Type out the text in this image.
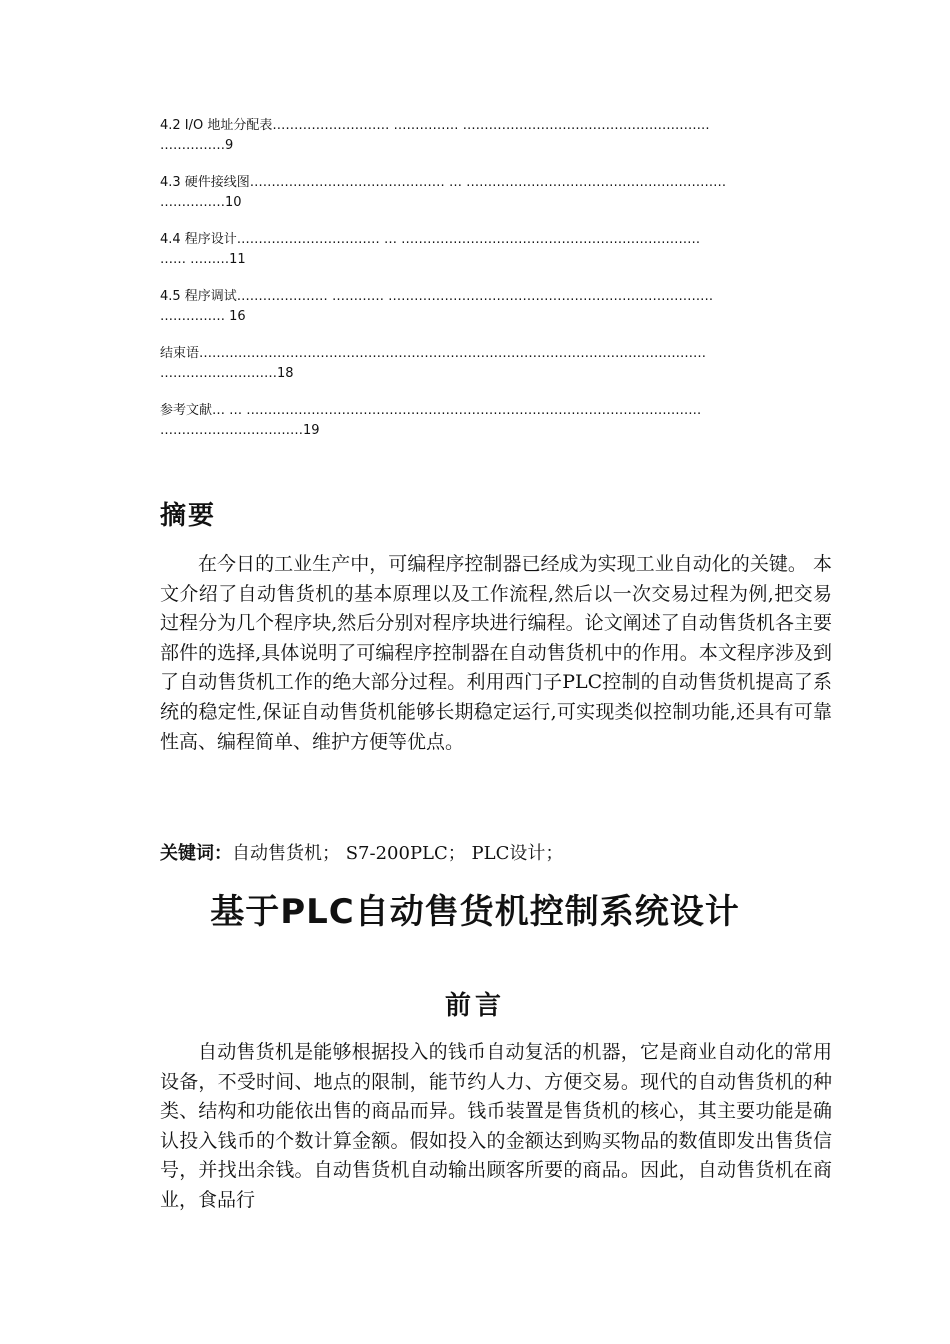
4.2 I/O 地址分配表……………………… …………… …………………………………………………
……………9
4.3 硬件接线图……………………………………… … ……………………………………………………
……………10
4.4 程序设计…………………………… … ……………………………………………………………
…… ………11
4.5 程序调试………………… ………… …………………………………………………………………
…………… 16
结束语………………………………………………………………………………………………………
………………………18
参考文献… … ……………………………………………………………………………………………
……………………………19
摘要
在今日的工业生产中，可编程序控制器已经成为实现工业自动化的关键。 本文介绍了自动售货机的基本原理以及工作流程,然后以一次交易过程为例,把交易过程分为几个程序块,然后分别对程序块进行编程。论文阐述了自动售货机各主要部件的选择,具体说明了可编程序控制器在自动售货机中的作用。本文程序涉及到了自动售货机工作的绝大部分过程。利用西门子PLC控制的自动售货机提高了系统的稳定性,保证自动售货机能够长期稳定运行,可实现类似控制功能,还具有可靠性高、编程简单、维护方便等优点。
关键词：自动售货机； S7-200PLC； PLC设计；
基于PLC自动售货机控制系统设计
前言
自动售货机是能够根据投入的钱币自动复活的机器，它是商业自动化的常用设备，不受时间、地点的限制，能节约人力、方便交易。现代的自动售货机的种类、结构和功能依出售的商品而异。钱币装置是售货机的核心，其主要功能是确认投入钱币的个数计算金额。假如投入的金额达到购买物品的数值即发出售货信号，并找出余钱。自动售货机自动输出顾客所要的商品。因此，自动售货机在商业，食品行
